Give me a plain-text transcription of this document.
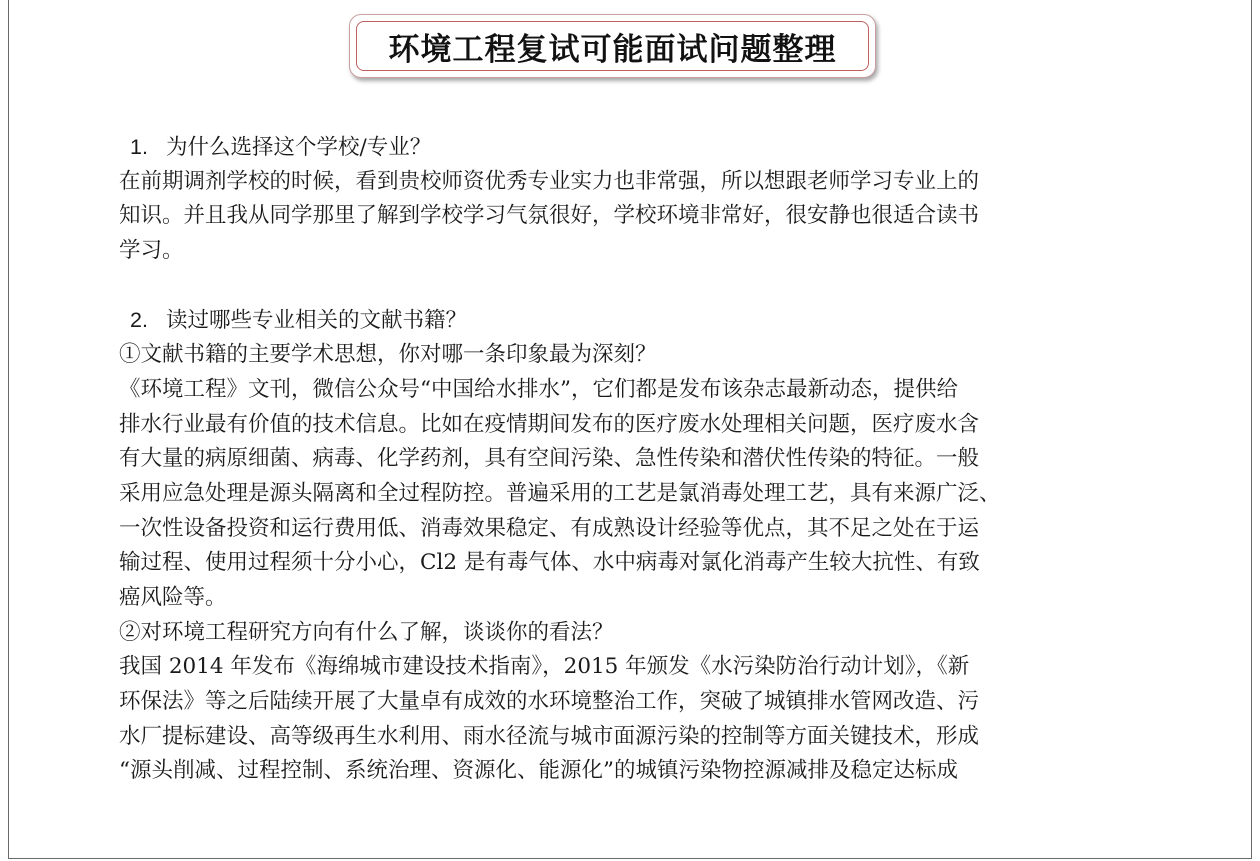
环境工程复试可能面试问题整理
1. 为什么选择这个学校/专业？
在前期调剂学校的时候，看到贵校师资优秀专业实力也非常强，所以想跟老师学习专业上的
知识。并且我从同学那里了解到学校学习气氛很好，学校环境非常好，很安静也很适合读书
学习。
2. 读过哪些专业相关的文献书籍？
①文献书籍的主要学术思想，你对哪一条印象最为深刻？
《环境工程》文刊，微信公众号“中国给水排水”，它们都是发布该杂志最新动态，提供给
排水行业最有价值的技术信息。比如在疫情期间发布的医疗废水处理相关问题，医疗废水含
有大量的病原细菌、病毒、化学药剂，具有空间污染、急性传染和潜伏性传染的特征。一般
采用应急处理是源头隔离和全过程防控。普遍采用的工艺是氯消毒处理工艺，具有来源广泛、
一次性设备投资和运行费用低、消毒效果稳定、有成熟设计经验等优点，其不足之处在于运
输过程、使用过程须十分小心，Cl2 是有毒气体、水中病毒对氯化消毒产生较大抗性、有致
癌风险等。
②对环境工程研究方向有什么了解，谈谈你的看法？
我国 2014 年发布《海绵城市建设技术指南》，2015 年颁发《水污染防治行动计划》，《新
环保法》等之后陆续开展了大量卓有成效的水环境整治工作，突破了城镇排水管网改造、污
水厂提标建设、高等级再生水利用、雨水径流与城市面源污染的控制等方面关键技术，形成
“源头削减、过程控制、系统治理、资源化、能源化”的城镇污染物控源减排及稳定达标成
